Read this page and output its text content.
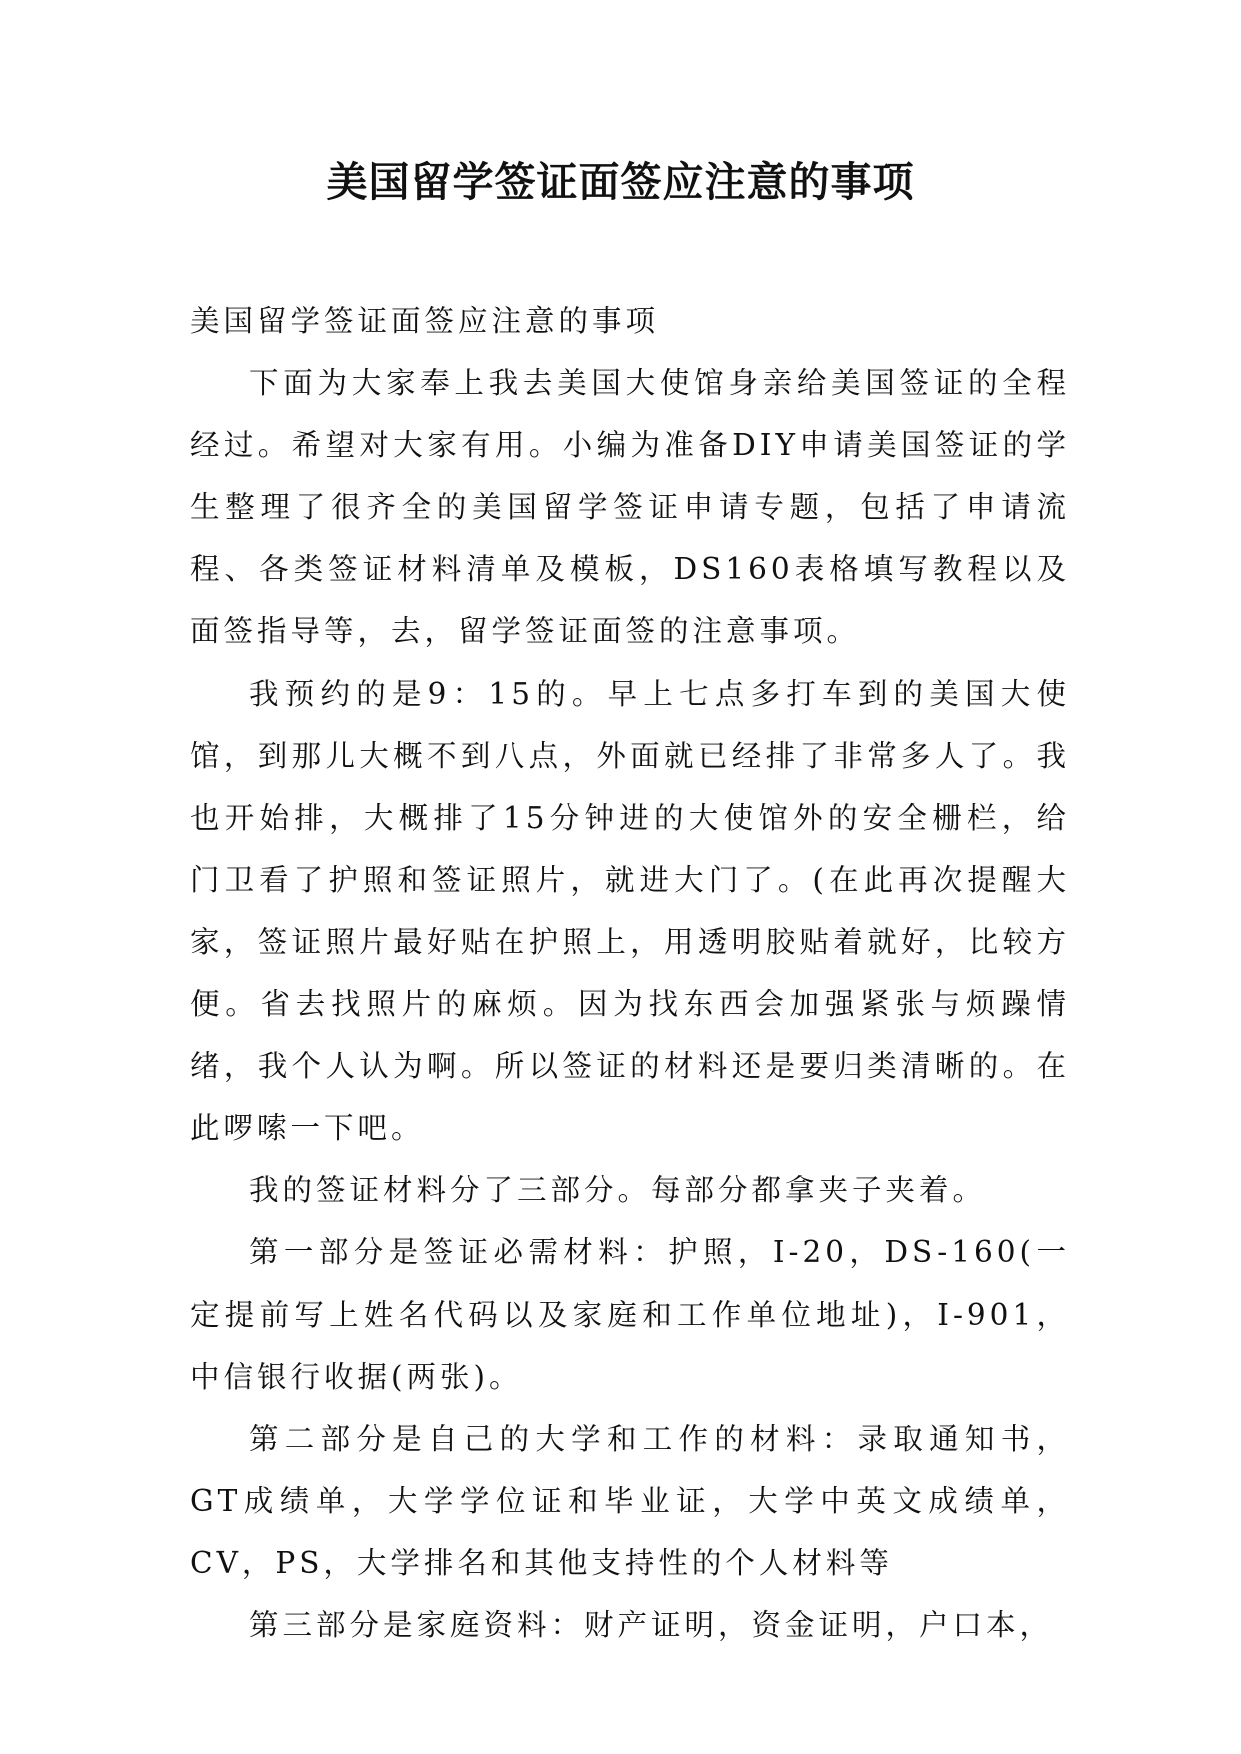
美国留学签证面签应注意的事项

美国留学签证面签应注意的事项

下面为大家奉上我去美国大使馆身亲给美国签证的全程经过。希望对大家有用。小编为准备DIY申请美国签证的学生整理了很齐全的美国留学签证申请专题，包括了申请流程、各类签证材料清单及模板，DS160表格填写教程以及面签指导等，去，留学签证面签的注意事项。

我预约的是9：15的。早上七点多打车到的美国大使馆，到那儿大概不到八点，外面就已经排了非常多人了。我也开始排，大概排了15分钟进的大使馆外的安全栅栏，给门卫看了护照和签证照片，就进大门了。(在此再次提醒大家，签证照片最好贴在护照上，用透明胶贴着就好，比较方便。省去找照片的麻烦。因为找东西会加强紧张与烦躁情绪，我个人认为啊。所以签证的材料还是要归类清晰的。在此啰嗦一下吧。

我的签证材料分了三部分。每部分都拿夹子夹着。

第一部分是签证必需材料：护照，I-20，DS-160(一定提前写上姓名代码以及家庭和工作单位地址)，I-901，中信银行收据(两张)。

第二部分是自己的大学和工作的材料：录取通知书，GT成绩单，大学学位证和毕业证，大学中英文成绩单，CV，PS，大学排名和其他支持性的个人材料等

第三部分是家庭资料：财产证明，资金证明，户口本，
